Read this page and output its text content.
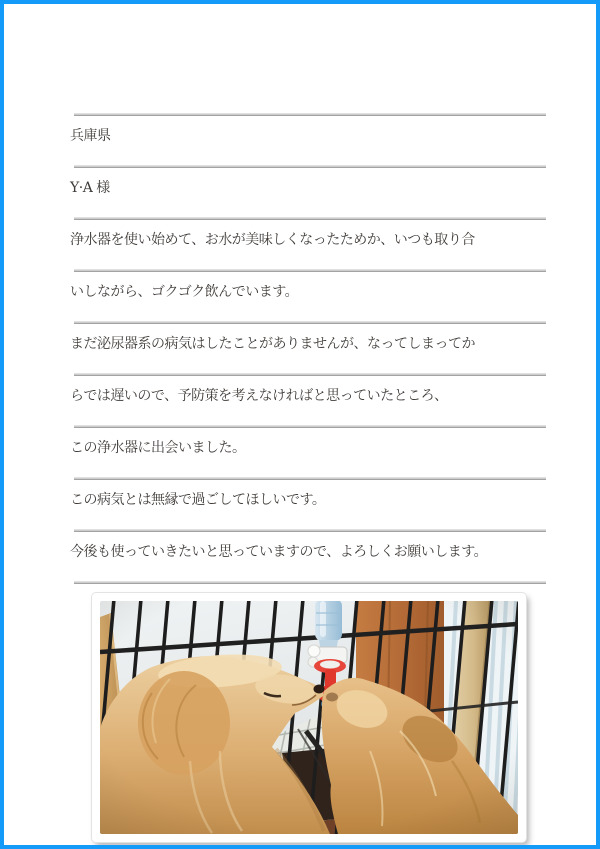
兵庫県
Y·A 様
浄水器を使い始めて、お水が美味しくなったためか、いつも取り合
いしながら、ゴクゴク飲んでいます。
まだ泌尿器系の病気はしたことがありませんが、なってしまってか
らでは遅いので、予防策を考えなければと思っていたところ、
この浄水器に出会いました。
この病気とは無縁で過ごしてほしいです。
今後も使っていきたいと思っていますので、よろしくお願いします。
